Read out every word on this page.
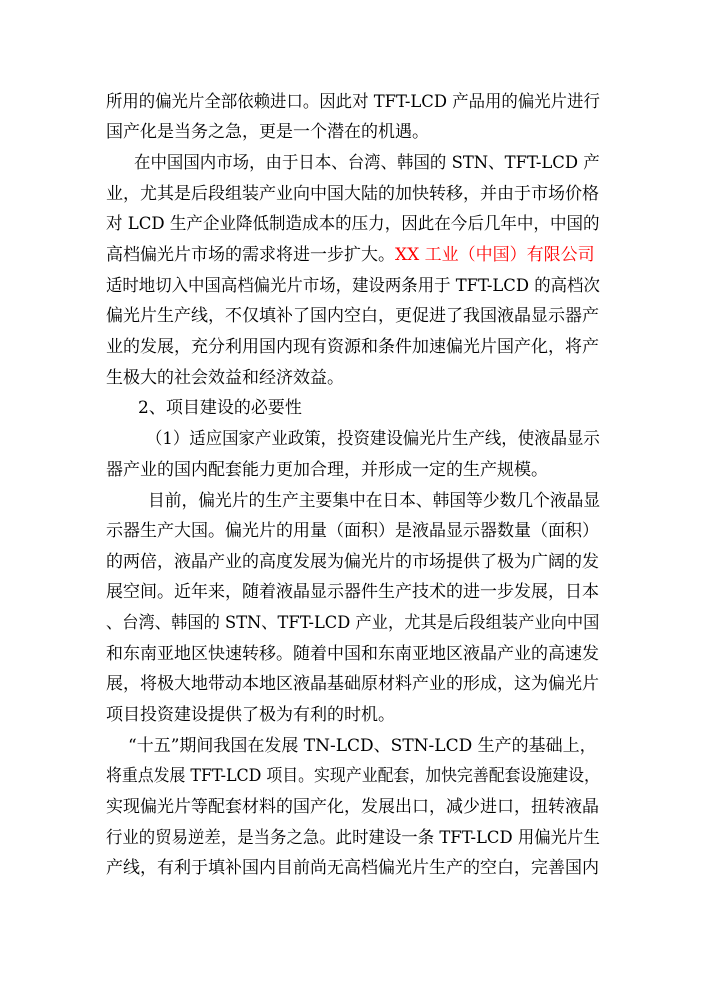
所用的偏光片全部依赖进口。因此对 TFT-LCD 产品用的偏光片进行
国产化是当务之急，更是一个潜在的机遇。
在中国国内市场，由于日本、台湾、韩国的 STN、TFT-LCD 产
业，尤其是后段组装产业向中国大陆的加快转移，并由于市场价格
对 LCD 生产企业降低制造成本的压力，因此在今后几年中，中国的
高档偏光片市场的需求将进一步扩大。XX 工业（中国）有限公司
适时地切入中国高档偏光片市场，建设两条用于 TFT-LCD 的高档次
偏光片生产线，不仅填补了国内空白，更促进了我国液晶显示器产
业的发展，充分利用国内现有资源和条件加速偏光片国产化，将产
生极大的社会效益和经济效益。
2、项目建设的必要性
（1）适应国家产业政策，投资建设偏光片生产线，使液晶显示
器产业的国内配套能力更加合理，并形成一定的生产规模。
目前，偏光片的生产主要集中在日本、韩国等少数几个液晶显
示器生产大国。偏光片的用量（面积）是液晶显示器数量（面积）
的两倍，液晶产业的高度发展为偏光片的市场提供了极为广阔的发
展空间。近年来，随着液晶显示器件生产技术的进一步发展，日本
、台湾、韩国的 STN、TFT-LCD 产业，尤其是后段组装产业向中国
和东南亚地区快速转移。随着中国和东南亚地区液晶产业的高速发
展，将极大地带动本地区液晶基础原材料产业的形成，这为偏光片
项目投资建设提供了极为有利的时机。
“十五”期间我国在发展 TN-LCD、STN-LCD 生产的基础上，
将重点发展 TFT-LCD 项目。实现产业配套，加快完善配套设施建设，
实现偏光片等配套材料的国产化，发展出口，减少进口，扭转液晶
行业的贸易逆差，是当务之急。此时建设一条 TFT-LCD 用偏光片生
产线，有利于填补国内目前尚无高档偏光片生产的空白，完善国内
